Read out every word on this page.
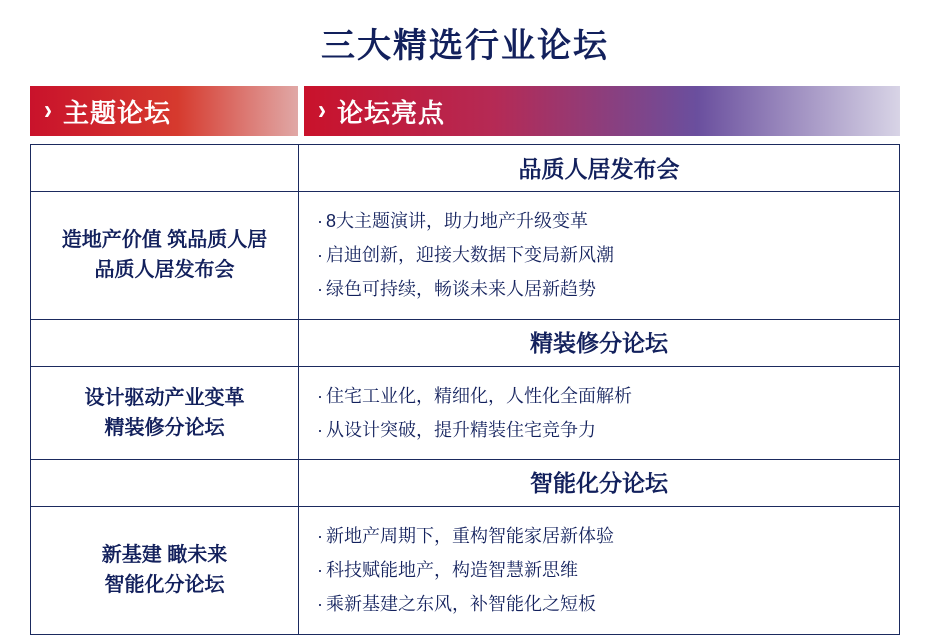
三大精选行业论坛
› 主题论坛	› 论坛亮点
品质人居发布会
造地产价值 筑品质人居
品质人居发布会
· 8大主题演讲，助力地产升级变革
· 启迪创新，迎接大数据下变局新风潮
· 绿色可持续，畅谈未来人居新趋势
精装修分论坛
设计驱动产业变革
精装修分论坛
· 住宅工业化，精细化，人性化全面解析
· 从设计突破，提升精装住宅竞争力
智能化分论坛
新基建 瞰未来
智能化分论坛
· 新地产周期下，重构智能家居新体验
· 科技赋能地产，构造智慧新思维
· 乘新基建之东风，补智能化之短板
